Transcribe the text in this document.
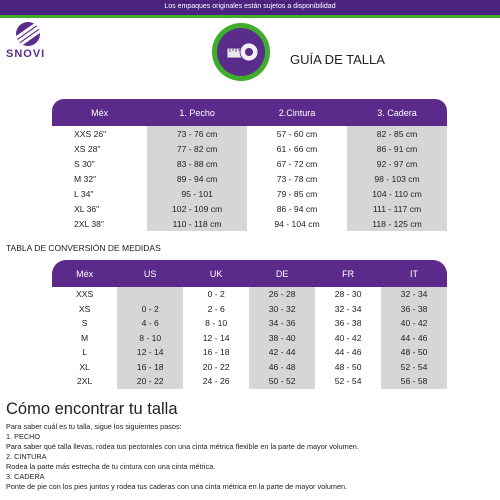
Los empaques originales están sujetos a disponibilidad
SNOVI	GUÍA DE TALLA
Méx	1. Pecho	2.Cintura	3. Cadera
XXS 26"	73 - 76 cm	57 - 60 cm	82 - 85 cm
XS 28"	77 - 82 cm	61 - 66 cm	86 - 91 cm
S 30"	83 - 88 cm	67 - 72 cm	92 - 97 cm
M 32"	89 - 94 cm	73 - 78 cm	98 - 103 cm
L 34"	95 - 101	79 - 85 cm	104 - 110 cm
XL 36"	102 - 109 cm	86 - 94 cm	111 - 117 cm
2XL 38"	110 - 118 cm	94 - 104 cm	118 - 125 cm
TABLA DE CONVERSIÓN DE MEDIDAS
Méx	US	UK	DE	FR	IT
XXS		0 - 2	26 - 28	28 - 30	32 - 34
XS	0 - 2	2 - 6	30 - 32	32 - 34	36 - 38
S	4 - 6	8 - 10	34 - 36	36 - 38	40 - 42
M	8 - 10	12 - 14	38 - 40	40 - 42	44 - 46
L	12 - 14	16 - 18	42 - 44	44 - 46	48 - 50
XL	16 - 18	20 - 22	46 - 48	48 - 50	52 - 54
2XL	20 - 22	24 - 26	50 - 52	52 - 54	56 - 58
Cómo encontrar tu talla
Para saber cuál es tu talla, sigue los siguientes pasos:
1. PECHO
Para saber qué talla llevas, rodea tus pectorales con una cinta métrica flexible en la parte de mayor volumen.
2. CINTURA
Rodea la parte más estrecha de tu cintura con una cinta métrica.
3. CADERA
Ponte de pie con los pies juntos y rodea tus caderas con una cinta métrica en la parte de mayor volumen.
